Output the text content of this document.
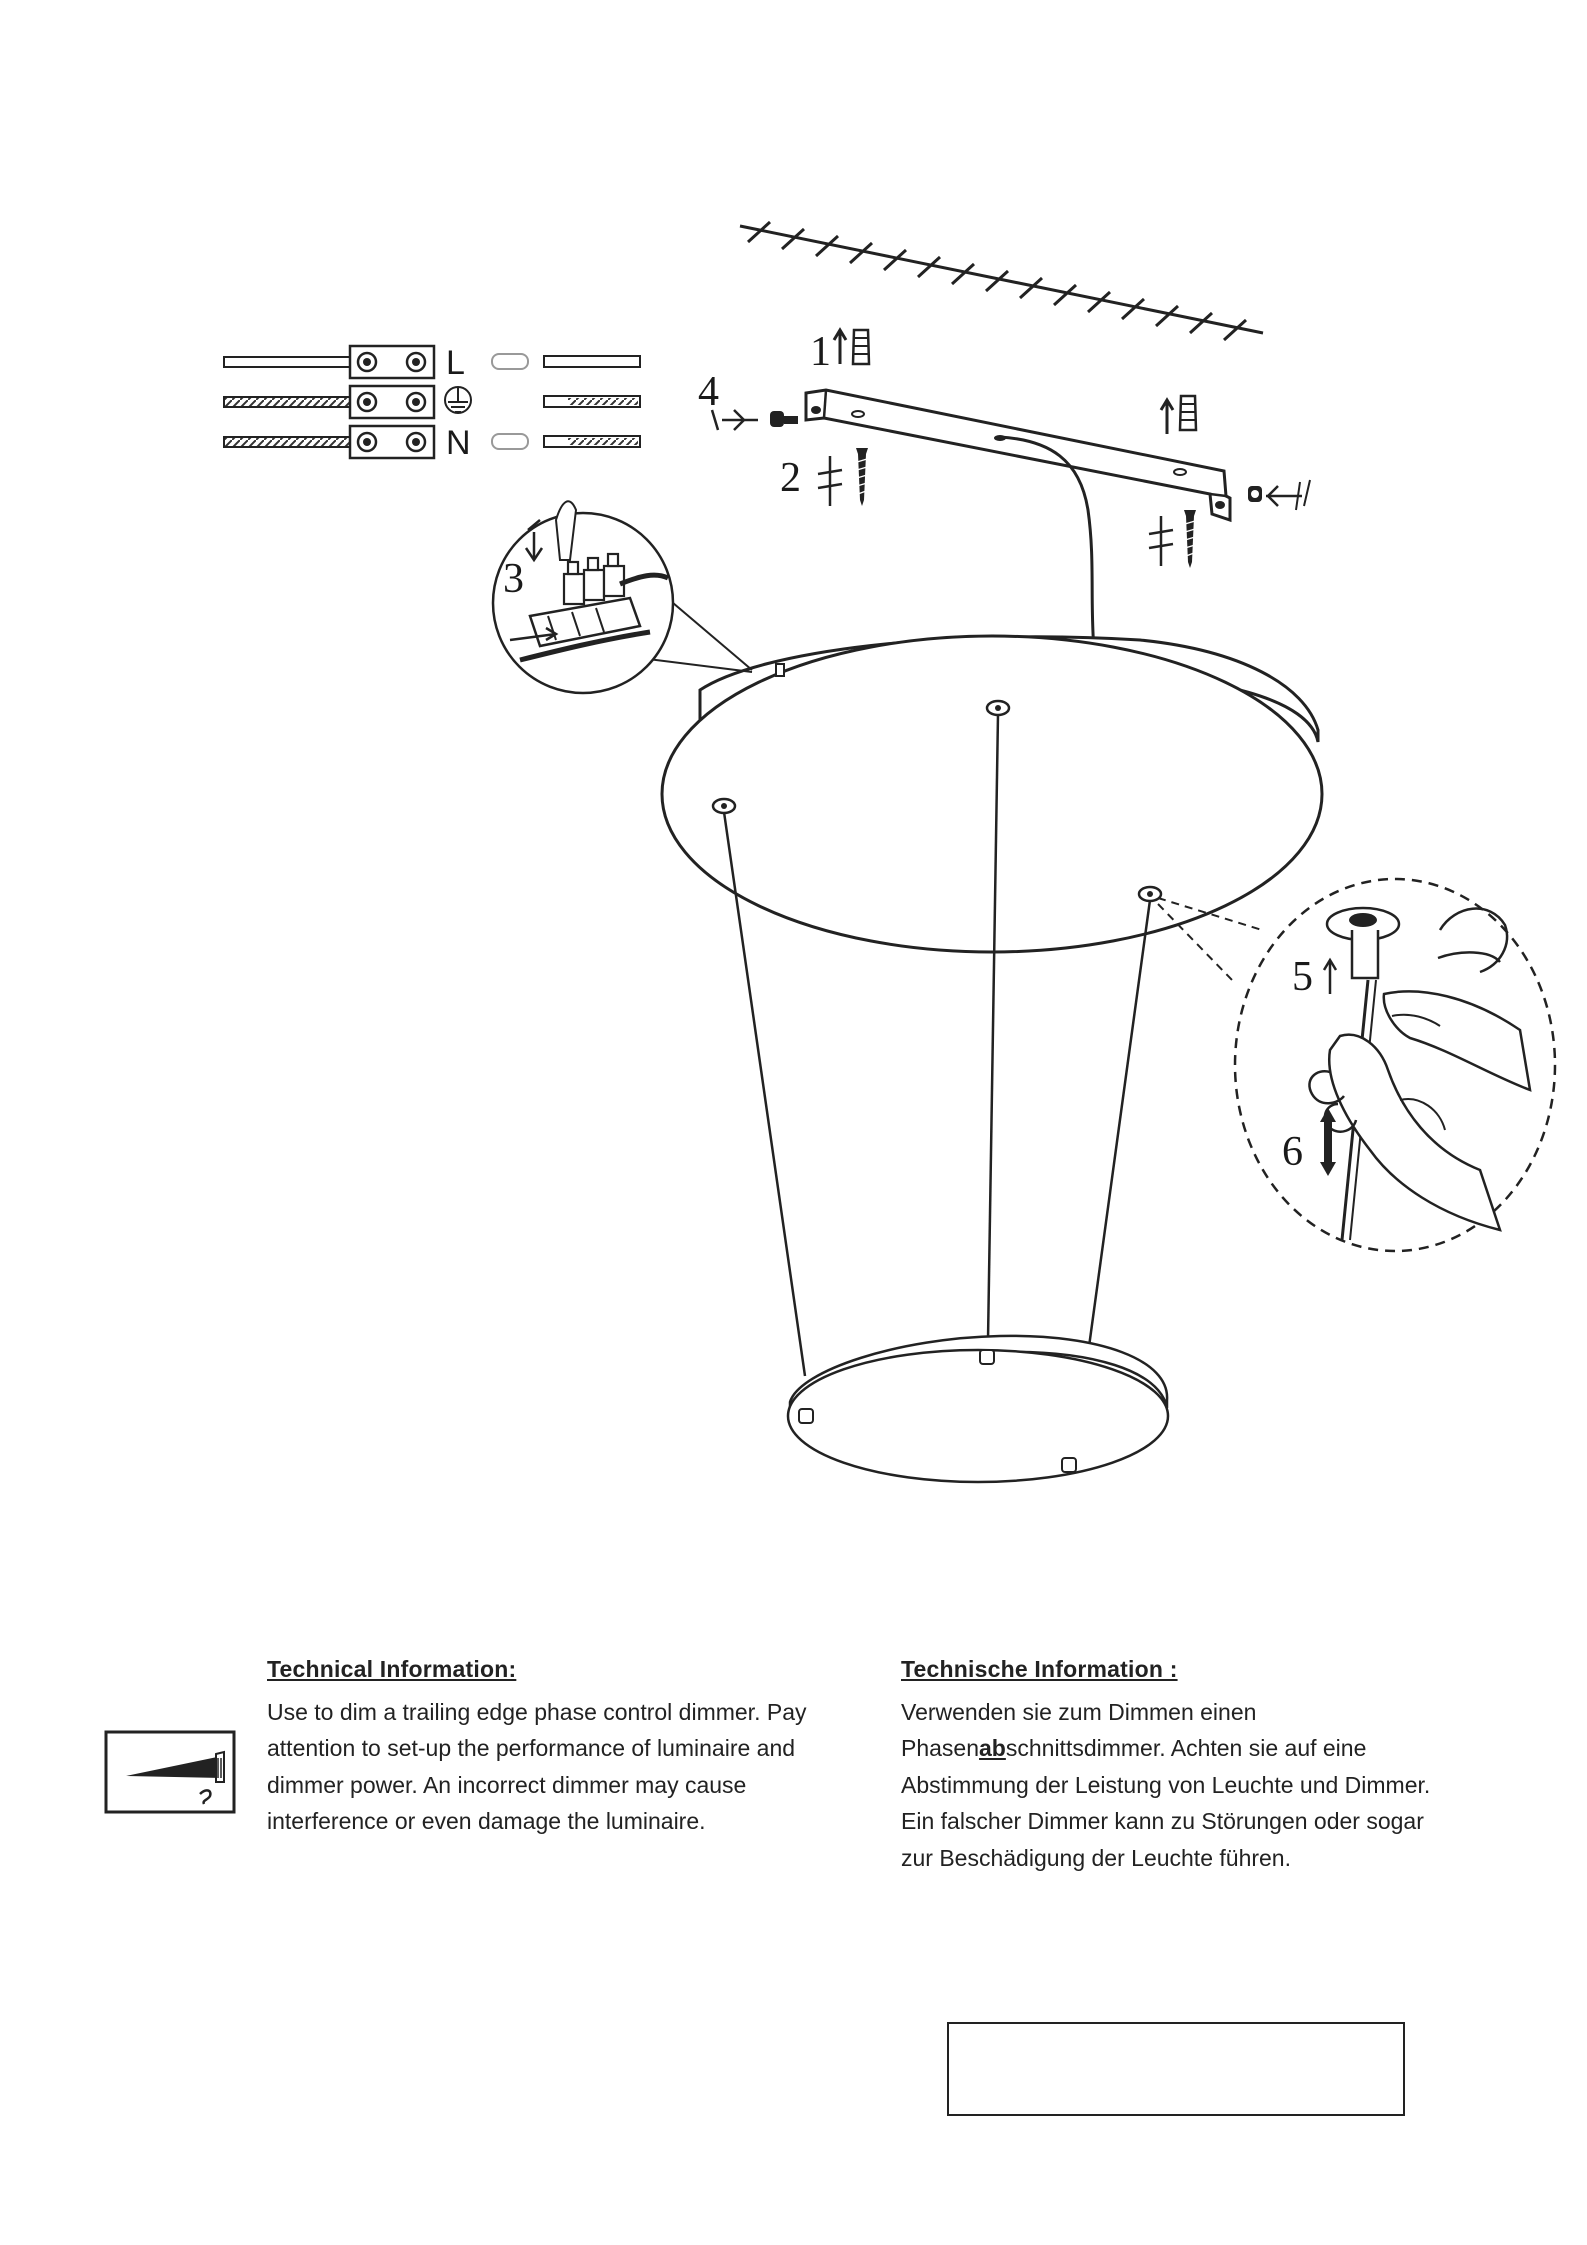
L
N
1
2
4
3
5
6
Technical Information:

Use to dim a trailing edge phase control dimmer. Pay attention to set-up the performance of luminaire and dimmer power. An incorrect dimmer may cause interference or even damage the luminaire.

Technische Information :

Verwenden sie zum Dimmen einen Phasenabschnittsdimmer. Achten sie auf eine Abstimmung der Leistung von Leuchte und Dimmer. Ein falscher Dimmer kann zu Störungen oder sogar zur Beschädigung der Leuchte führen.
